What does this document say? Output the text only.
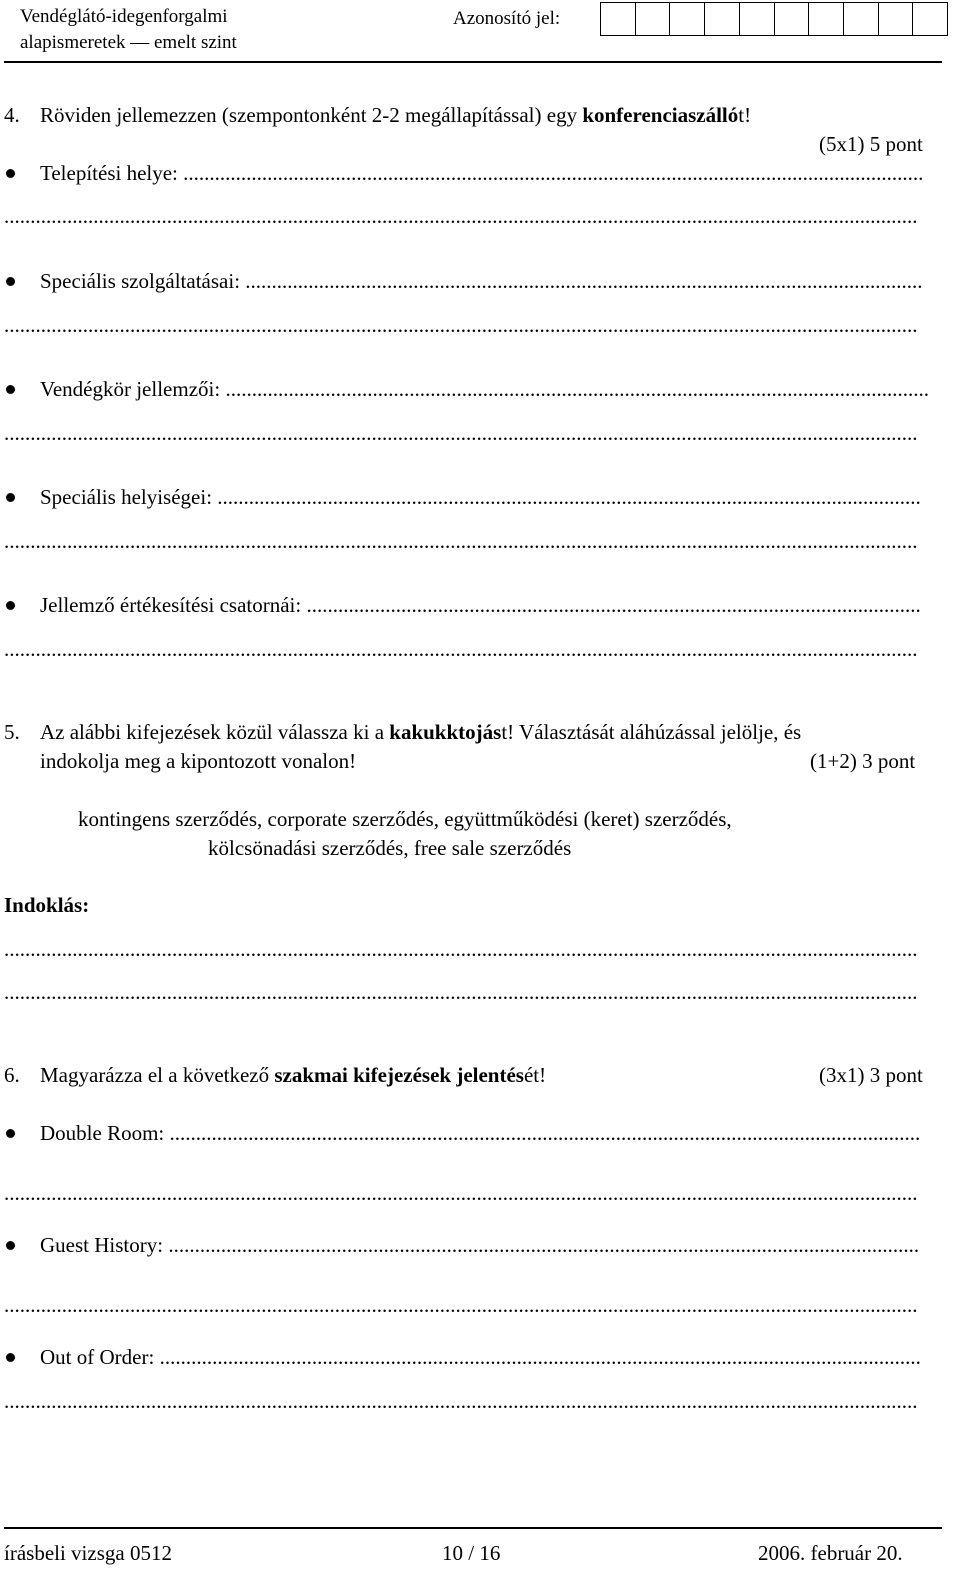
Vendéglátó-idegenforgalmi
alapismeretek — emelt szint
Azonosító jel:
4. Röviden jellemezzen (szempontonként 2-2 megállapítással) egy konferenciaszállót!
(5x1) 5 pont
Telepítési helye: .............................................................................................................................................
..............................................................................................................................................................................
Speciális szolgáltatásai: .................................................................................................................................
..............................................................................................................................................................................
Vendégkör jellemzői: ......................................................................................................................................
..............................................................................................................................................................................
Speciális helyiségei: ......................................................................................................................................
..............................................................................................................................................................................
Jellemző értékesítési csatornái: .....................................................................................................................
..............................................................................................................................................................................
5. Az alábbi kifejezések közül válassza ki a kakukktojást! Választását aláhúzással jelölje, és
indokolja meg a kipontozott vonalon!	(1+2) 3 pont
kontingens szerződés, corporate szerződés, együttműködési (keret) szerződés,
kölcsönadási szerződés, free sale szerződés
Indoklás:
..............................................................................................................................................................................
..............................................................................................................................................................................
6. Magyarázza el a következő szakmai kifejezések jelentését!	(3x1) 3 pont
Double Room: ...............................................................................................................................................
..............................................................................................................................................................................
Guest History: ...............................................................................................................................................
..............................................................................................................................................................................
Out of Order: .................................................................................................................................................
..............................................................................................................................................................................
írásbeli vizsga 0512	10 / 16	2006. február 20.
